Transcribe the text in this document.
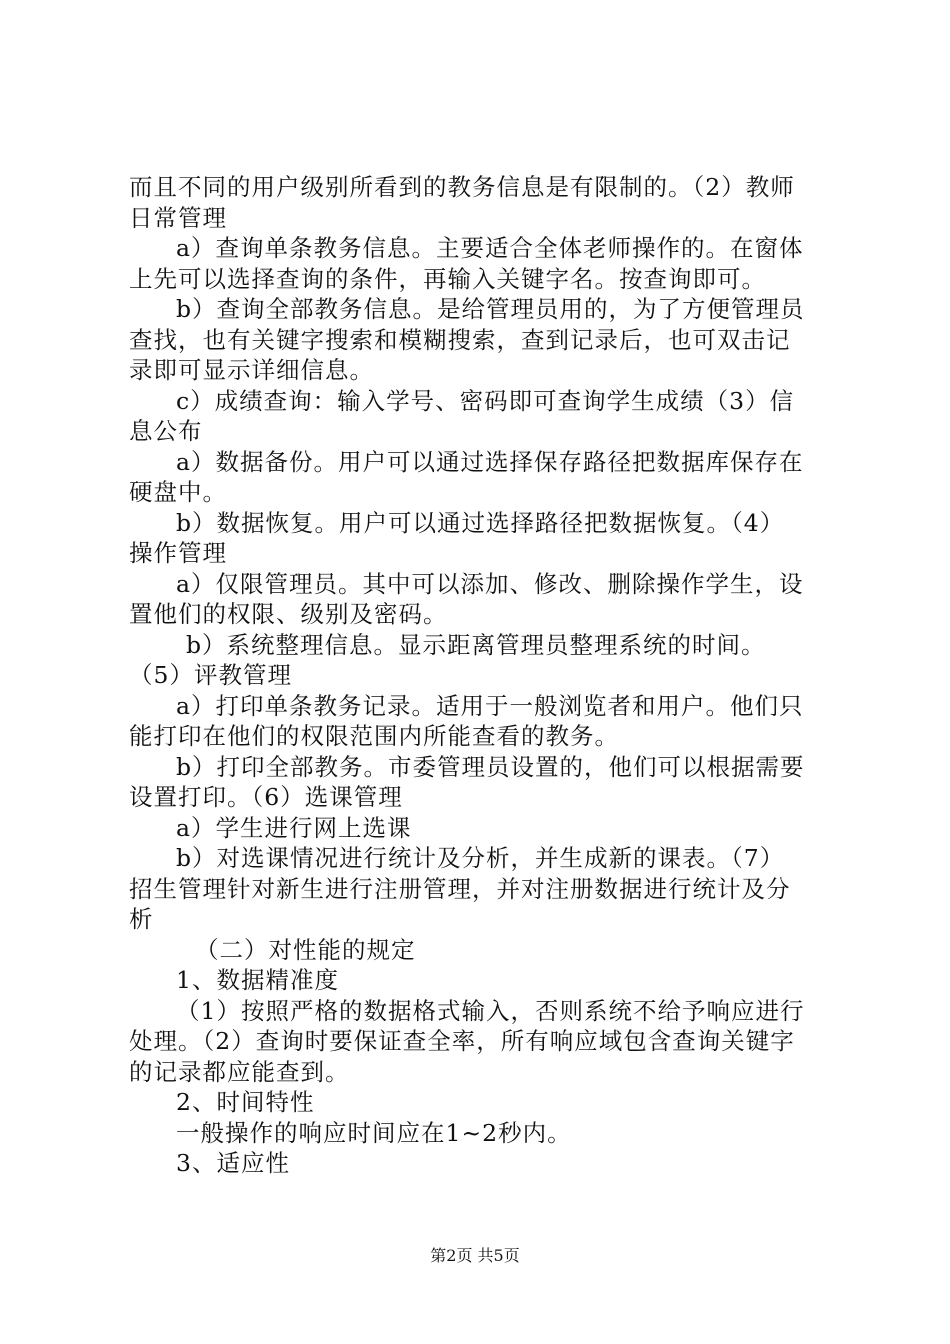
而且不同的用户级别所看到的教务信息是有限制的。（2）教师
日常管理
a）查询单条教务信息。主要适合全体老师操作的。在窗体
上先可以选择查询的条件，再输入关键字名。按查询即可。
b）查询全部教务信息。是给管理员用的，为了方便管理员
查找，也有关键字搜索和模糊搜索，查到记录后，也可双击记
录即可显示详细信息。
c）成绩查询：输入学号、密码即可查询学生成绩（3）信
息公布
a）数据备份。用户可以通过选择保存路径把数据库保存在
硬盘中。
b）数据恢复。用户可以通过选择路径把数据恢复。（4）
操作管理
a）仅限管理员。其中可以添加、修改、删除操作学生，设
置他们的权限、级别及密码。
b）系统整理信息。显示距离管理员整理系统的时间。
（5）评教管理
a）打印单条教务记录。适用于一般浏览者和用户。他们只
能打印在他们的权限范围内所能查看的教务。
b）打印全部教务。市委管理员设置的，他们可以根据需要
设置打印。（6）选课管理
a）学生进行网上选课
b）对选课情况进行统计及分析，并生成新的课表。（7）
招生管理针对新生进行注册管理，并对注册数据进行统计及分
析
（二）对性能的规定
1、数据精准度
（1）按照严格的数据格式输入，否则系统不给予响应进行
处理。（2）查询时要保证查全率，所有响应域包含查询关键字
的记录都应能查到。
2、时间特性
一般操作的响应时间应在1~2秒内。
3、适应性
第2页 共5页
